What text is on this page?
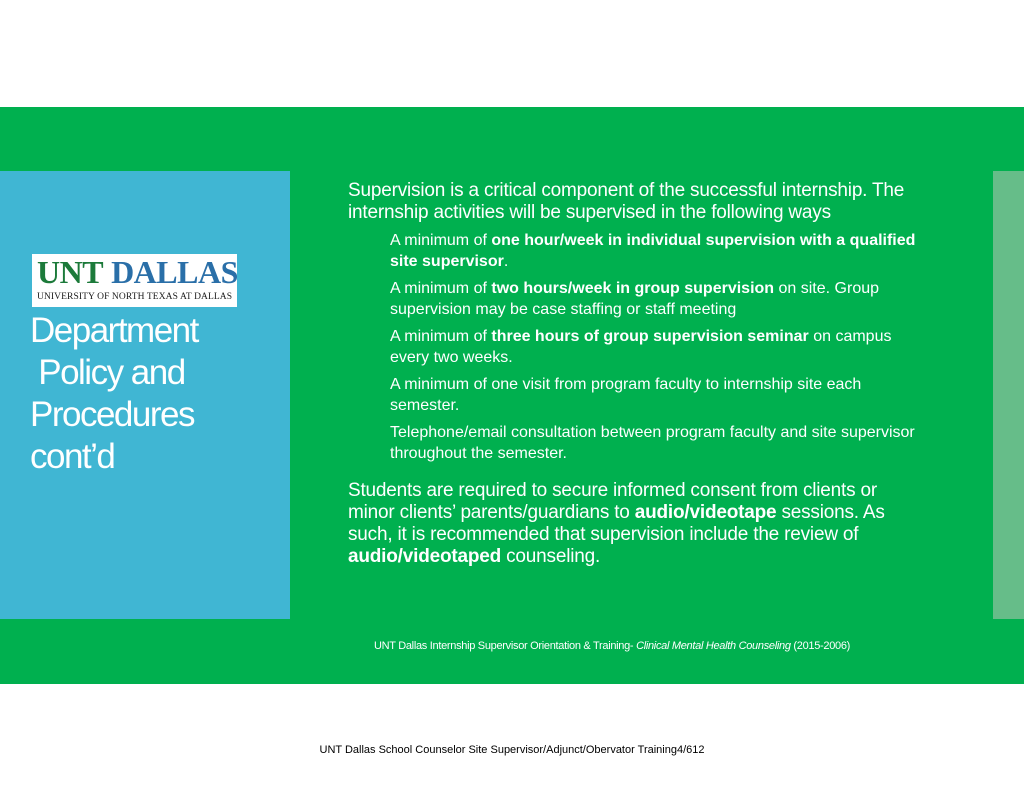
UNT DALLAS
UNIVERSITY OF NORTH TEXAS AT DALLAS
Department
Policy and
Procedures
cont’d
Supervision is a critical component of the successful internship. The internship activities will be supervised in the following ways
A minimum of one hour/week in individual supervision with a qualified site supervisor.
A minimum of two hours/week in group supervision on site. Group supervision may be case staffing or staff meeting
A minimum of three hours of group supervision seminar on campus every two weeks.
A minimum of one visit from program faculty to internship site each semester.
Telephone/email consultation between program faculty and site supervisor throughout the semester.
Students are required to secure informed consent from clients or minor clients’ parents/guardians to audio/videotape sessions. As such, it is recommended that supervision include the review of audio/videotaped counseling.
UNT Dallas Internship Supervisor Orientation & Training- Clinical Mental Health Counseling (2015-2006)
UNT Dallas School Counselor Site Supervisor/Adjunct/Obervator Training4/612
